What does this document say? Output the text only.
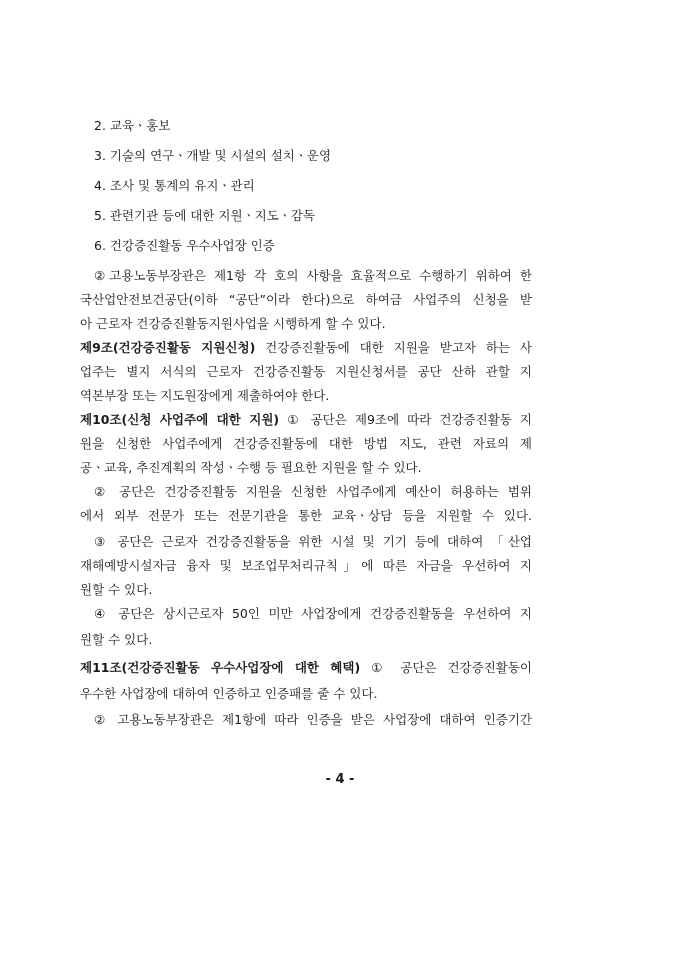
2. 교육ㆍ홍보
3. 기술의 연구ㆍ개발 및 시설의 설치ㆍ운영
4. 조사 및 통계의 유지ㆍ관리
5. 관련기관 등에 대한 지원ㆍ지도ㆍ감독
6. 건강증진활동 우수사업장 인증
②고용노동부장관은 제1항 각 호의 사항을 효율적으로 수행하기 위하여 한
국산업안전보건공단(이하 “공단”이라 한다)으로 하여금 사업주의 신청을 받
아 근로자 건강증진활동지원사업을 시행하게 할 수 있다.
제9조(건강증진활동 지원신청) 건강증진활동에 대한 지원을 받고자 하는 사
업주는 별지 서식의 근로자 건강증진활동 지원신청서를 공단 산하 관할 지
역본부장 또는 지도원장에게 제출하여야 한다.
제10조(신청 사업주에 대한 지원) ① 공단은 제9조에 따라 건강증진활동 지
원을 신청한 사업주에게 건강증진활동에 대한 방법 지도, 관련 자료의 제
공ㆍ교육, 추진계획의 작성ㆍ수행 등 필요한 지원을 할 수 있다.
② 공단은 건강증진활동 지원을 신청한 사업주에게 예산이 허용하는 범위
에서 외부 전문가 또는 전문기관을 통한 교육ㆍ상담 등을 지원할 수 있다.
③ 공단은 근로자 건강증진활동을 위한 시설 및 기기 등에 대하여 「산업
재해예방시설자금 융자 및 보조업무처리규칙」에 따른 자금을 우선하여 지
원할 수 있다.
④ 공단은 상시근로자 50인 미만 사업장에게 건강증진활동을 우선하여 지
원할 수 있다.
제11조(건강증진활동 우수사업장에 대한 혜택) ① 공단은 건강증진활동이
우수한 사업장에 대하여 인증하고 인증패를 줄 수 있다.
② 고용노동부장관은 제1항에 따라 인증을 받은 사업장에 대하여 인증기간
- 4 -
